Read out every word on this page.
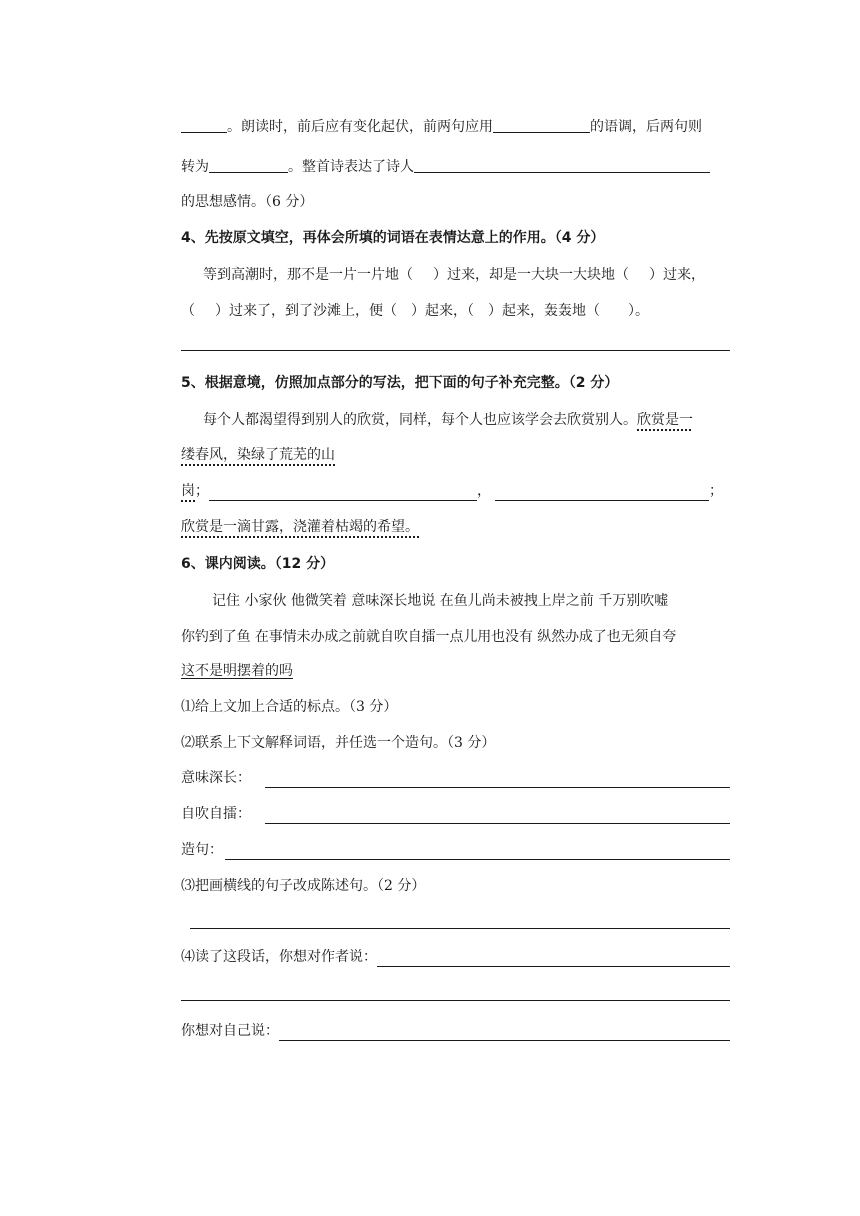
。朗读时，前后应有变化起伏，前两句应用	的语调，后两句则
转为	。整首诗表达了诗人
的思想感情。（6 分）
4、先按原文填空，再体会所填的词语在表情达意上的作用。（4 分）
等到高潮时，那不是一片一片地（ ）过来，却是一大块一大块地（ ）过来，
（ ）过来了，到了沙滩上，便（ ）起来，（ ）起来，轰轰地（ ）。
5、根据意境，仿照加点部分的写法，把下面的句子补充完整。（2 分）
每个人都渴望得到别人的欣赏，同样，每个人也应该学会去欣赏别人。欣赏是一
缕春风，染绿了荒芜的山
岗 ；	，	；
欣赏是一滴甘露，浇灌着枯竭的希望。
6、课内阅读。（12 分）
记住 小家伙 他微笑着 意味深长地说 在鱼儿尚未被拽上岸之前 千万别吹嘘
你钓到了鱼 在事情未办成之前就自吹自擂一点儿用也没有 纵然办成了也无须自夸
这不是明摆着的吗
⑴给上文加上合适的标点。（3 分）
⑵联系上下文解释词语，并任选一个造句。（3 分）
意味深长：
自吹自擂：
造句：
⑶把画横线的句子改成陈述句。（2 分）
⑷读了这段话，你想对作者说：
你想对自己说：
